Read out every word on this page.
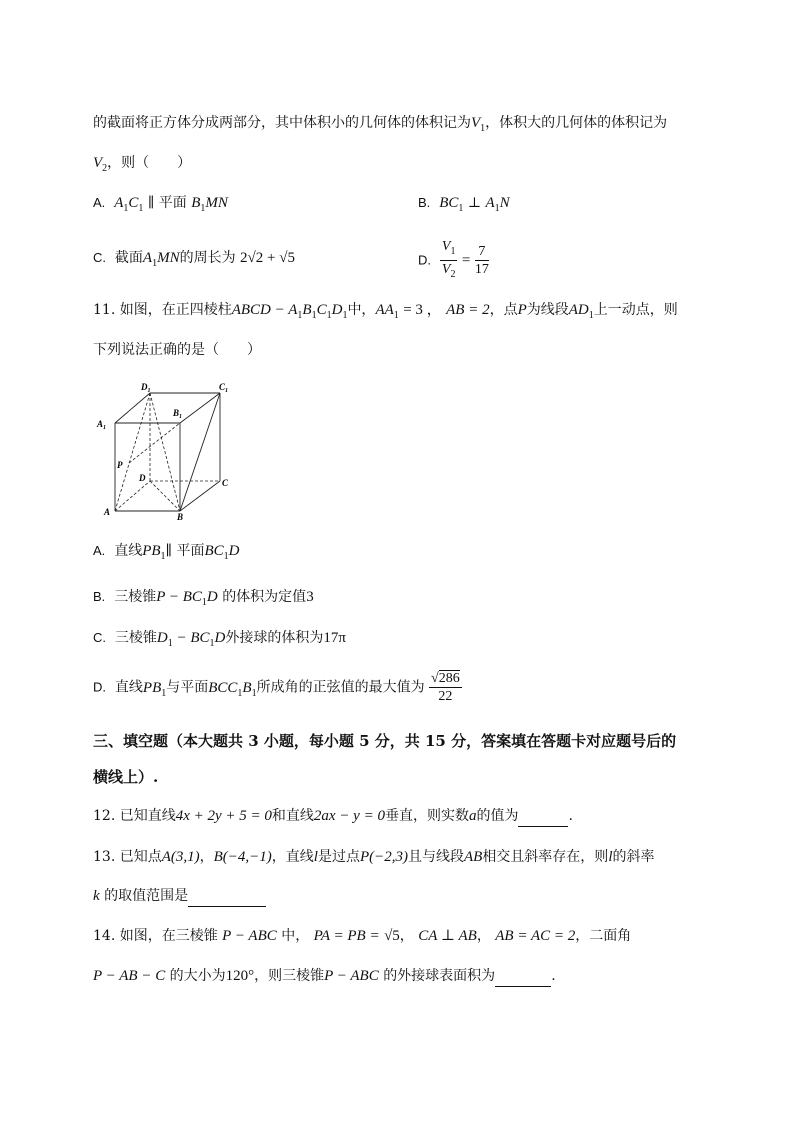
的截面将正方体分成两部分，其中体积小的几何体的体积记为$V_1$，体积大的几何体的体积记为
$V_2$，则（　　）
A. $A_1C_1$ ∥ 平面 $B_1MN$	B. $BC_1$ ⊥ $A_1N$
C. 截面$A_1MN$的周长为 2√2 + √5	D. $\frac{V_1}{V_2} = \frac{7}{17}$
11. 如图，在正四棱柱ABCD − $A_1B_1C_1D_1$中，$AA_1 = 3$ ， AB = 2，点P为线段$AD_1$上一动点，则
下列说法正确的是（　　）
$D_1$	$C_1$
$B_1$
$A_1$
P
D	C
A	B
A. 直线$PB_1\parallel$ 平面$BC_1D$
B. 三棱锥$P - BC_1D$ 的体积为定值3
C. 三棱锥$D_1 - BC_1D$外接球的体积为17π
D. 直线$PB_1$与平面$BCC_1B_1$所成角的正弦值的最大值为 $\frac{√286}{22}$
三、填空题（本大题共 3 小题，每小题 5 分，共 15 分，答案填在答题卡对应题号后的
横线上）.
12. 已知直线4x + 2y + 5 = 0和直线2ax − y = 0垂直，则实数a的值为	.
13. 已知点A(3,1)，B(−4,−1)，直线l是过点P(−2,3)且与线段AB相交且斜率存在，则l的斜率
k 的取值范围是
14. 如图，在三棱锥 P − ABC 中， PA = PB = √5， CA ⊥ AB， AB = AC = 2，二面角
P − AB − C 的大小为120°，则三棱锥P − ABC 的外接球表面积为	.
